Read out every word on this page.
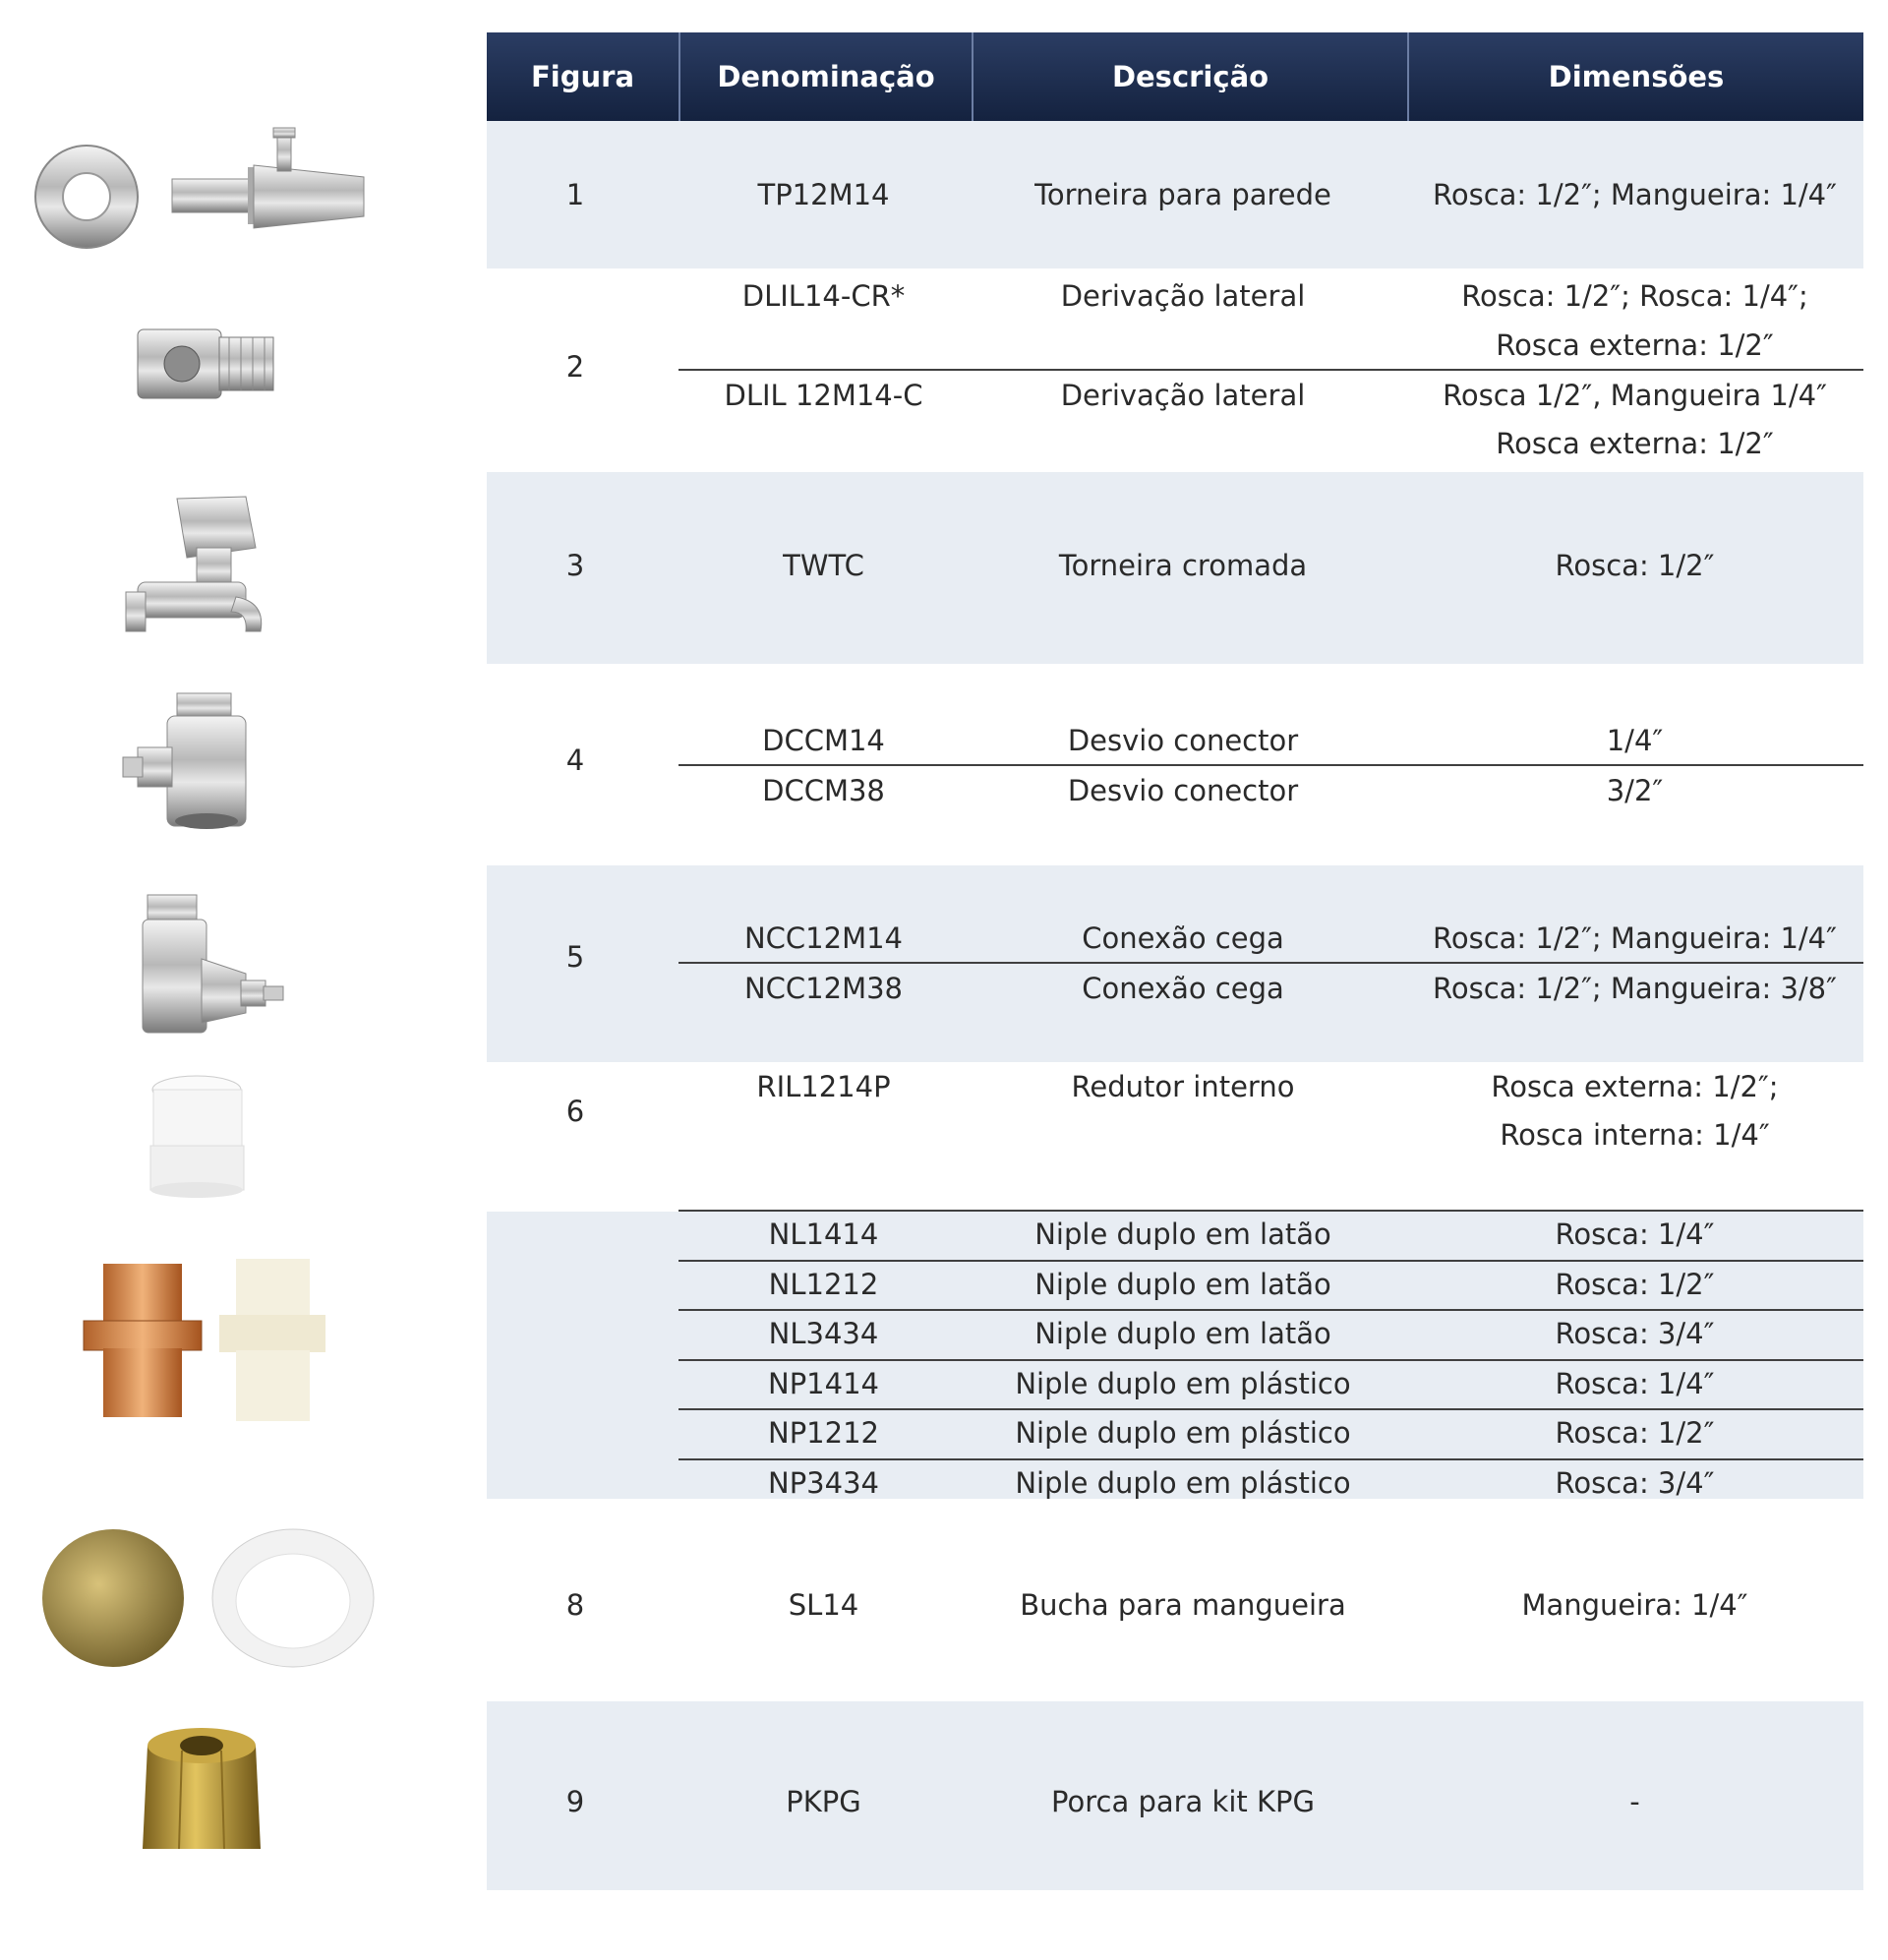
Figura	Denominação	Descrição	Dimensões
1	TP12M14	Torneira para parede	Rosca: 1/2″; Mangueira: 1/4″
2
DLIL14-CR*	Derivação lateral	Rosca: 1/2″; Rosca: 1/4″;
Rosca externa: 1/2″
DLIL 12M14-C	Derivação lateral	Rosca 1/2″, Mangueira 1/4″
Rosca externa: 1/2″
3	TWTC	Torneira cromada	Rosca: 1/2″
4
DCCM14	Desvio conector	1/4″
DCCM38	Desvio conector	3/2″
5
NCC12M14	Conexão cega	Rosca: 1/2″; Mangueira: 1/4″
NCC12M38	Conexão cega	Rosca: 1/2″; Mangueira: 3/8″
6
RIL1214P	Redutor interno	Rosca externa: 1/2″;
Rosca interna: 1/4″
NL1414	Niple duplo em latão	Rosca: 1/4″
NL1212	Niple duplo em latão	Rosca: 1/2″
NL3434	Niple duplo em latão	Rosca: 3/4″
NP1414	Niple duplo em plástico	Rosca: 1/4″
NP1212	Niple duplo em plástico	Rosca: 1/2″
NP3434	Niple duplo em plástico	Rosca: 3/4″
8	SL14	Bucha para mangueira	Mangueira: 1/4″
9	PKPG	Porca para kit KPG	-
